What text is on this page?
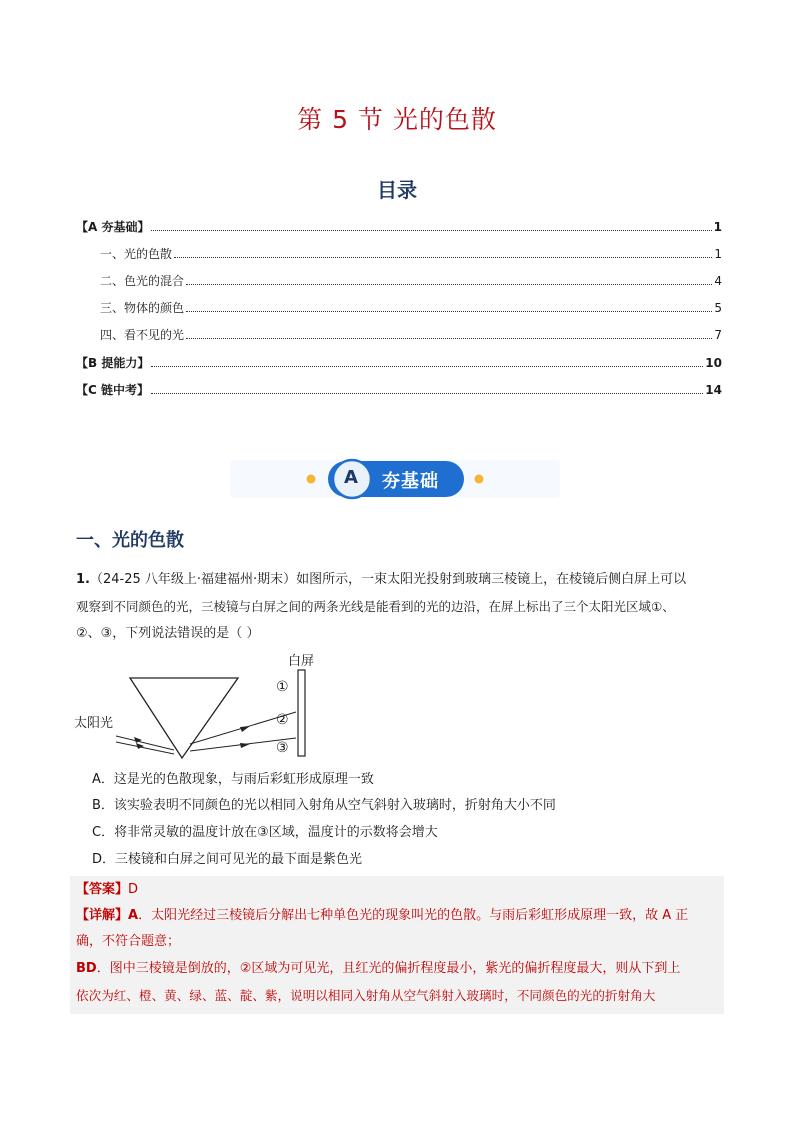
第 5 节 光的色散
目录
【A 夯基础】	1
一、光的色散	1
二、色光的混合	4
三、物体的颜色	5
四、看不见的光	7
【B 提能力】	10
【C 链中考】	14
A 夯基础
一、光的色散
1.（24-25 八年级上·福建福州·期末）如图所示，一束太阳光投射到玻璃三棱镜上，在棱镜后侧白屏上可以
观察到不同颜色的光，三棱镜与白屏之间的两条光线是能看到的光的边沿，在屏上标出了三个太阳光区域①、
②、③，下列说法错误的是（ ）
白屏
太阳光
①
②
③
A．这是光的色散现象，与雨后彩虹形成原理一致
B．该实验表明不同颜色的光以相同入射角从空气斜射入玻璃时，折射角大小不同
C．将非常灵敏的温度计放在③区域，温度计的示数将会增大
D．三棱镜和白屏之间可见光的最下面是紫色光
【答案】D
【详解】A．太阳光经过三棱镜后分解出七种单色光的现象叫光的色散。与雨后彩虹形成原理一致，故 A 正
确，不符合题意；
BD．图中三棱镜是倒放的，②区域为可见光，且红光的偏折程度最小，紫光的偏折程度最大，则从下到上
依次为红、橙、黄、绿、蓝、靛、紫，说明以相同入射角从空气斜射入玻璃时，不同颜色的光的折射角大
